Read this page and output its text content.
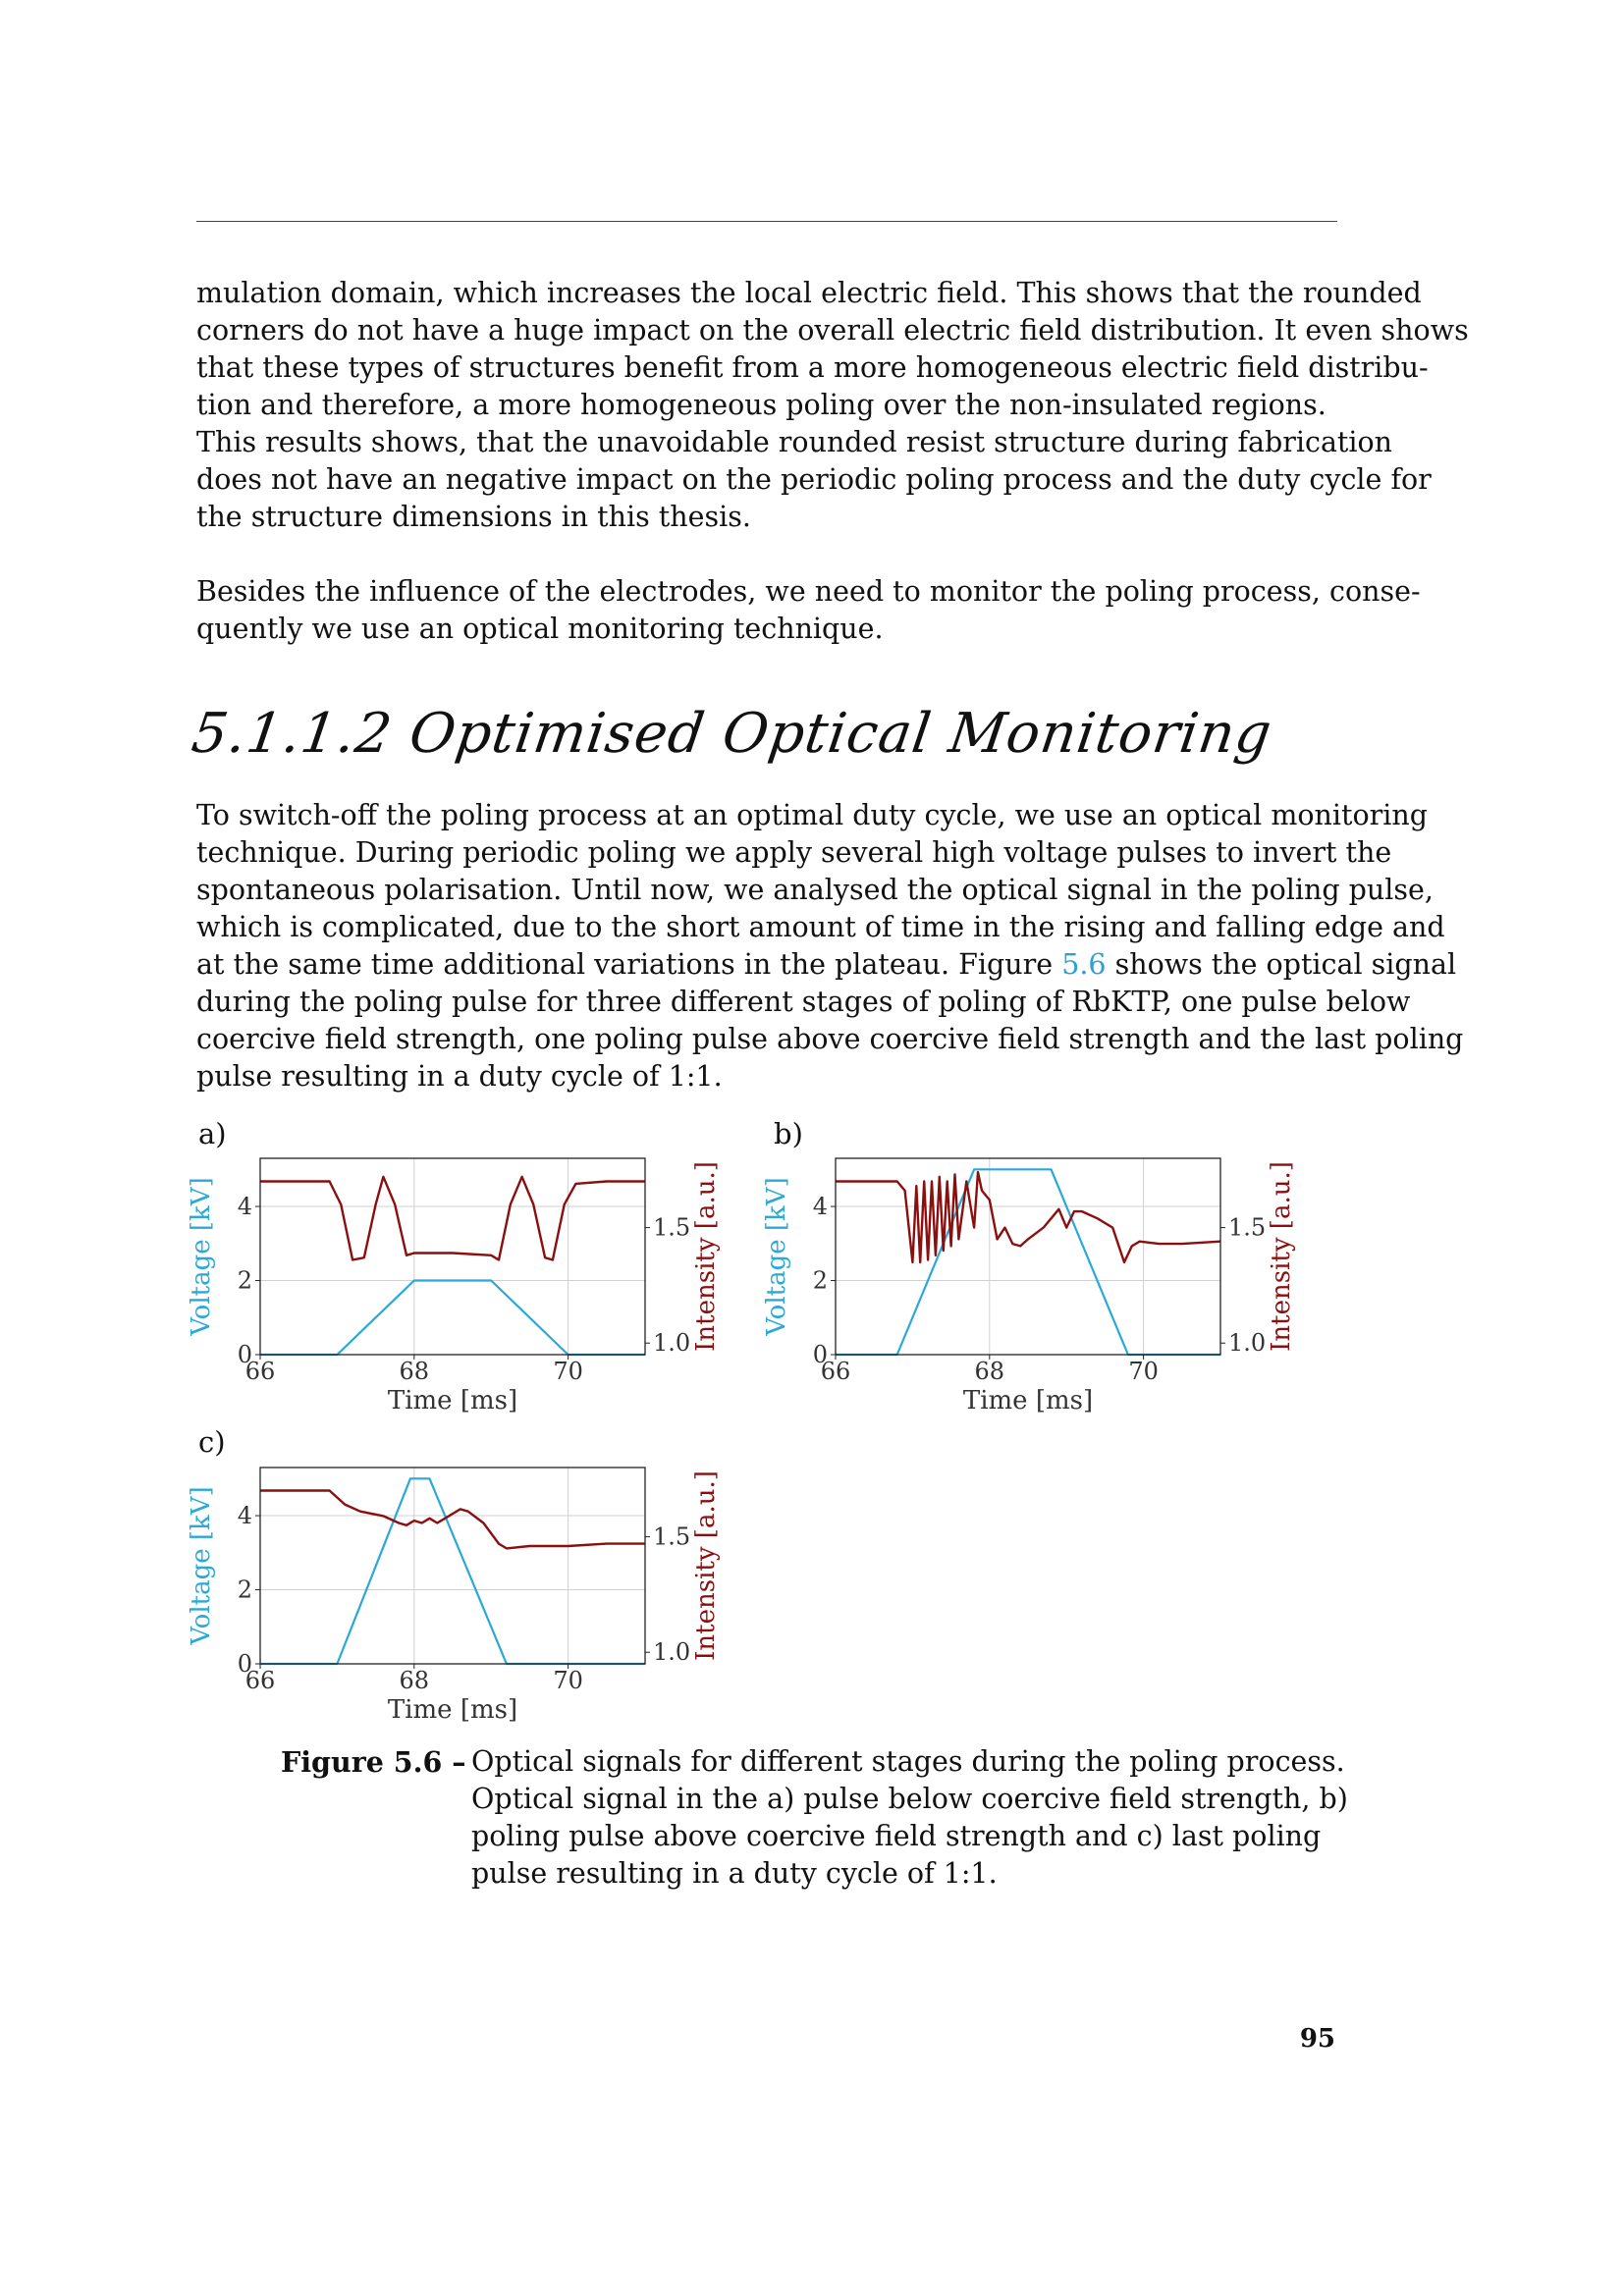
mulation domain, which increases the local electric field. This shows that the rounded
corners do not have a huge impact on the overall electric field distribution. It even shows
that these types of structures benefit from a more homogeneous electric field distribu-
tion and therefore, a more homogeneous poling over the non-insulated regions.
This results shows, that the unavoidable rounded resist structure during fabrication
does not have an negative impact on the periodic poling process and the duty cycle for
the structure dimensions in this thesis.

Besides the influence of the electrodes, we need to monitor the poling process, conse-
quently we use an optical monitoring technique.

5.1.1.2 Optimised Optical Monitoring

To switch-off the poling process at an optimal duty cycle, we use an optical monitoring
technique. During periodic poling we apply several high voltage pulses to invert the
spontaneous polarisation. Until now, we analysed the optical signal in the poling pulse,
which is complicated, due to the short amount of time in the rising and falling edge and
at the same time additional variations in the plateau. Figure 5.6 shows the optical signal
during the poling pulse for three different stages of poling of RbKTP, one pulse below
coercive field strength, one poling pulse above coercive field strength and the last poling
pulse resulting in a duty cycle of 1:1.

a)	b)
c)
66	68	70
0
2
4
1.0
1.5
Time [ms]
Voltage [kV]	Intensity [a.u.]
66	68	70
0
2
4
1.0
1.5
Time [ms]
Voltage [kV]	Intensity [a.u.]
66	68	70
0
2
4
1.0
1.5
Time [ms]
Voltage [kV]	Intensity [a.u.]
Figure 5.6 – Optical signals for different stages during the poling process.
Optical signal in the a) pulse below coercive field strength, b)
poling pulse above coercive field strength and c) last poling
pulse resulting in a duty cycle of 1:1.
95
